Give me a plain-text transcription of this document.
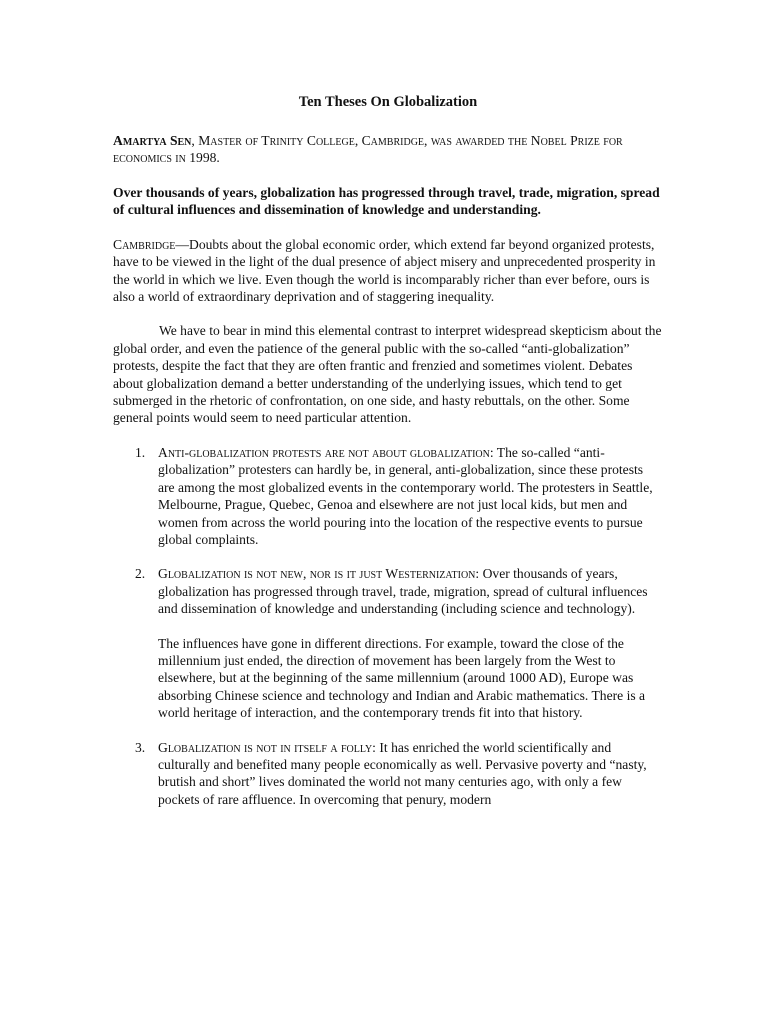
Ten Theses On Globalization

Amartya Sen, Master of Trinity College, Cambridge, was awarded the Nobel Prize for economics in 1998.

Over thousands of years, globalization has progressed through travel, trade, migration, spread of cultural influences and dissemination of knowledge and understanding.

Cambridge—Doubts about the global economic order, which extend far beyond organized protests, have to be viewed in the light of the dual presence of abject misery and unprecedented prosperity in the world in which we live. Even though the world is incomparably richer than ever before, ours is also a world of extraordinary deprivation and of staggering inequality.

We have to bear in mind this elemental contrast to interpret widespread skepticism about the global order, and even the patience of the general public with the so-called “anti-globalization” protests, despite the fact that they are often frantic and frenzied and sometimes violent. Debates about globalization demand a better understanding of the underlying issues, which tend to get submerged in the rhetoric of confrontation, on one side, and hasty rebuttals, on the other. Some general points would seem to need particular attention.

1. Anti-globalization protests are not about globalization: The so-called “anti-globalization” protesters can hardly be, in general, anti-globalization, since these protests are among the most globalized events in the contemporary world. The protesters in Seattle, Melbourne, Prague, Quebec, Genoa and elsewhere are not just local kids, but men and women from across the world pouring into the location of the respective events to pursue global complaints.
2. Globalization is not new, nor is it just Westernization: Over thousands of years, globalization has progressed through travel, trade, migration, spread of cultural influences and dissemination of knowledge and understanding (including science and technology).

The influences have gone in different directions. For example, toward the close of the millennium just ended, the direction of movement has been largely from the West to elsewhere, but at the beginning of the same millennium (around 1000 AD), Europe was absorbing Chinese science and technology and Indian and Arabic mathematics. There is a world heritage of interaction, and the contemporary trends fit into that history.

3. Globalization is not in itself a folly: It has enriched the world scientifically and culturally and benefited many people economically as well. Pervasive poverty and “nasty, brutish and short” lives dominated the world not many centuries ago, with only a few pockets of rare affluence. In overcoming that penury, modern
